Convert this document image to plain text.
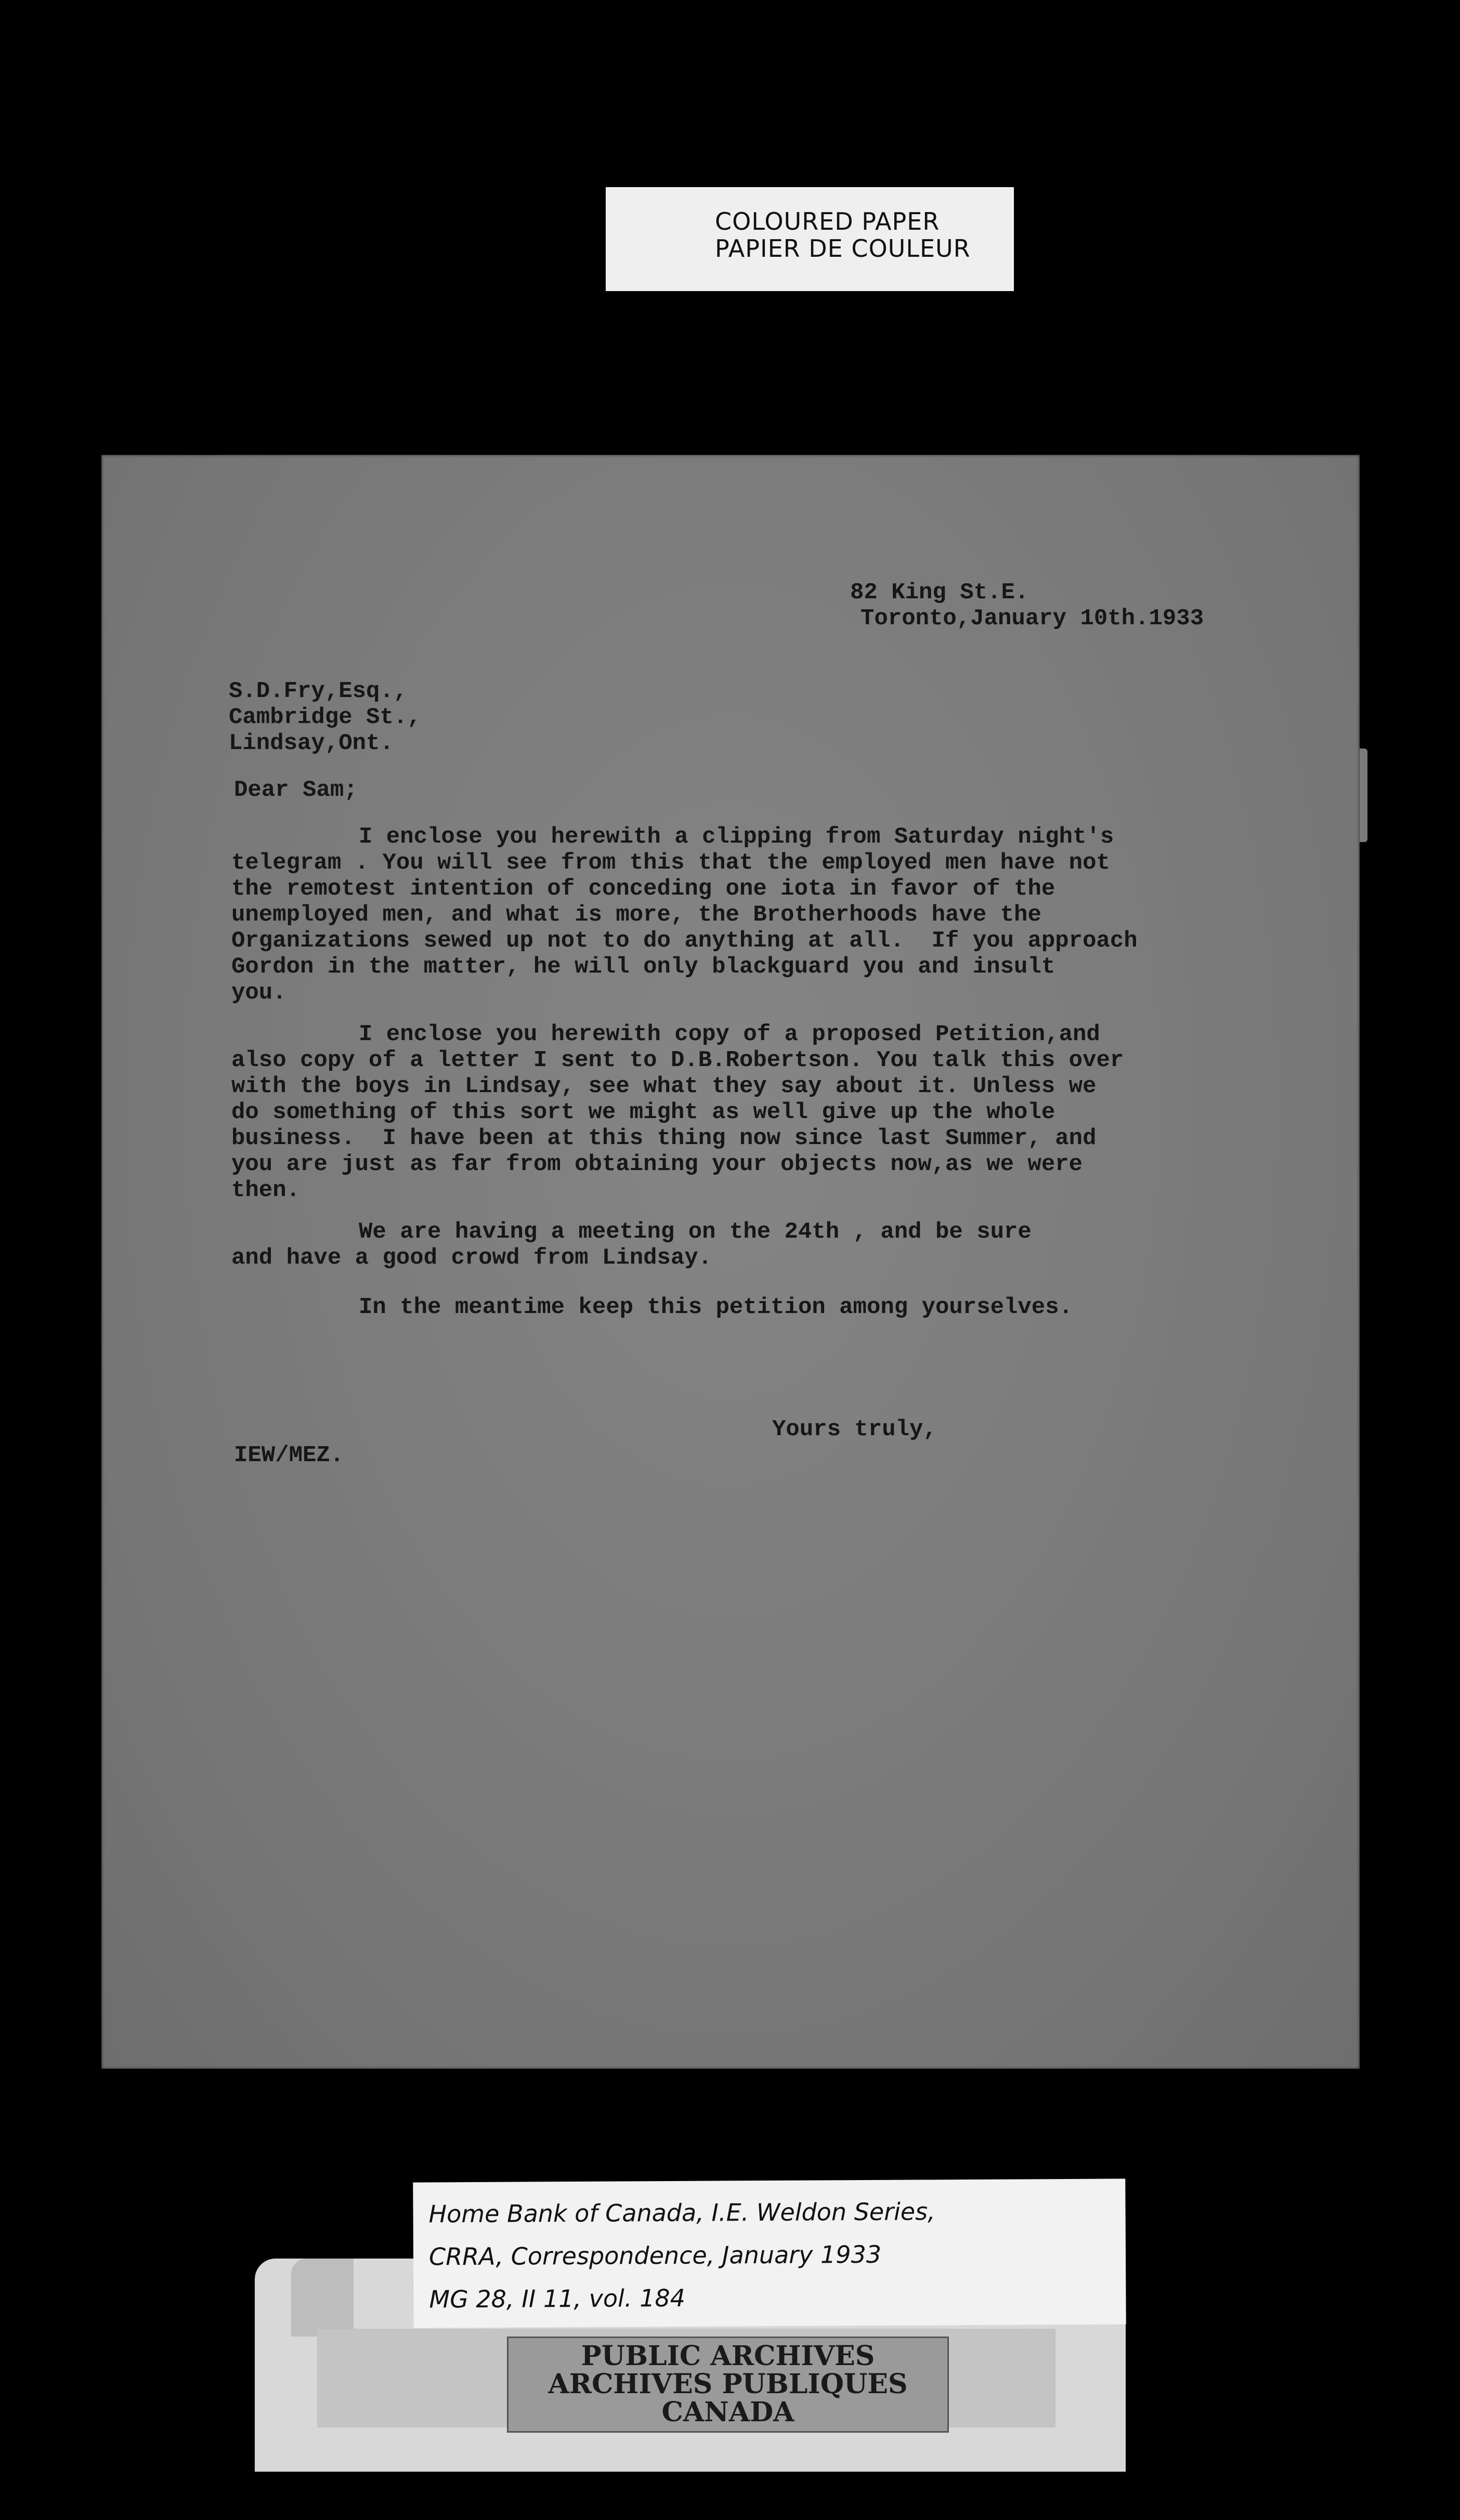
COLOURED PAPER
PAPIER DE COULEUR
82 King St.E.
Toronto,January 10th.1933
S.D.Fry,Esq.,
Cambridge St.,
Lindsay,Ont.
Dear Sam;
I enclose you herewith a clipping from Saturday night's
telegram . You will see from this that the employed men have not
the remotest intention of conceding one iota in favor of the
unemployed men, and what is more, the Brotherhoods have the
Organizations sewed up not to do anything at all.  If you approach
Gordon in the matter, he will only blackguard you and insult
you.
I enclose you herewith copy of a proposed Petition,and
also copy of a letter I sent to D.B.Robertson. You talk this over
with the boys in Lindsay, see what they say about it. Unless we
do something of this sort we might as well give up the whole
business.  I have been at this thing now since last Summer, and
you are just as far from obtaining your objects now,as we were
then.
We are having a meeting on the 24th , and be sure
and have a good crowd from Lindsay.
In the meantime keep this petition among yourselves.
Yours truly,
IEW/MEZ.
PUBLIC ARCHIVES
ARCHIVES PUBLIQUES
CANADA
Home Bank of Canada, I.E. Weldon Series,
CRRA, Correspondence, January 1933
MG 28, II 11, vol. 184
